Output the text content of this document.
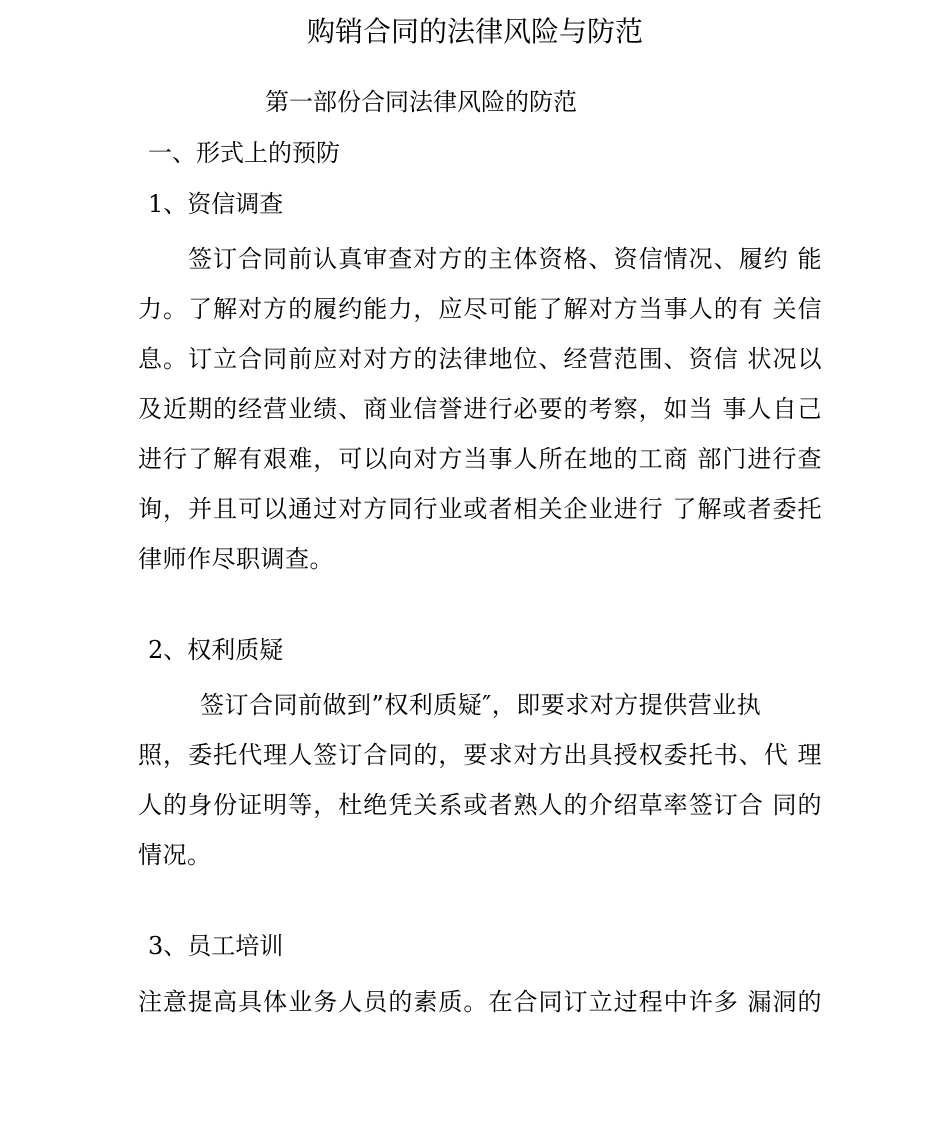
购销合同的法律风险与防范
第一部份合同法律风险的防范
一、形式上的预防
1、资信调查
签订合同前认真审查对方的主体资格、资信情况、履约 能
力。了解对方的履约能力，应尽可能了解对方当事人的有 关信
息。订立合同前应对对方的法律地位、经营范围、资信 状况以
及近期的经营业绩、商业信誉进行必要的考察，如当 事人自己
进行了解有艰难，可以向对方当事人所在地的工商 部门进行查
询，并且可以通过对方同行业或者相关企业进行 了解或者委托
律师作尽职调查。
2、权利质疑
签订合同前做到”权利质疑″，即要求对方提供营业执
照，委托代理人签订合同的，要求对方出具授权委托书、代 理
人的身份证明等，杜绝凭关系或者熟人的介绍草率签订合 同的
情况。
3、员工培训
注意提高具体业务人员的素质。在合同订立过程中许多 漏洞的
